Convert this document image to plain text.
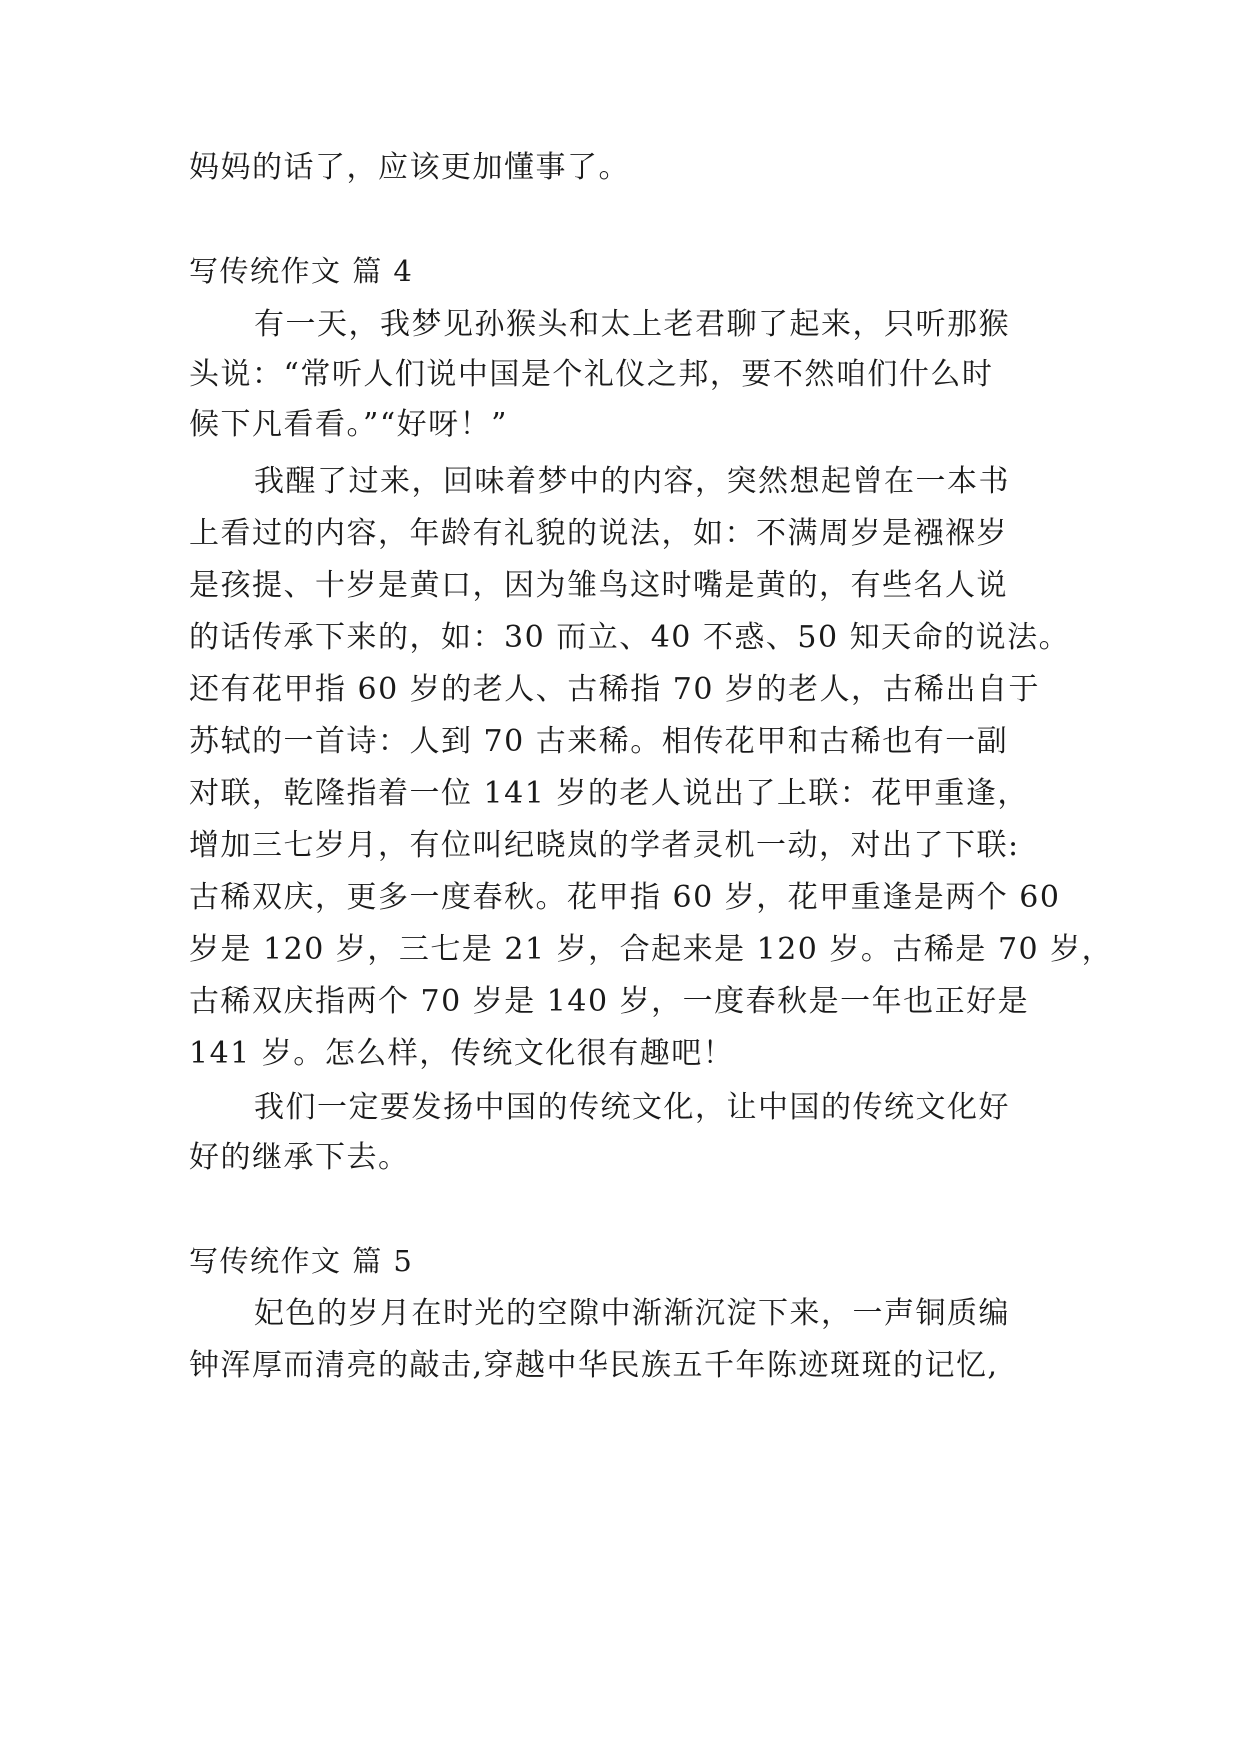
妈妈的话了，应该更加懂事了。
写传统作文 篇 4
有一天，我梦见孙猴头和太上老君聊了起来，只听那猴
头说：“常听人们说中国是个礼仪之邦，要不然咱们什么时
候下凡看看。”“好呀！”
我醒了过来，回味着梦中的内容，突然想起曾在一本书
上看过的内容，年龄有礼貌的说法，如：不满周岁是襁褓岁
是孩提、十岁是黄口，因为雏鸟这时嘴是黄的，有些名人说
的话传承下来的，如：30 而立、40 不惑、50 知天命的说法。
还有花甲指 60 岁的老人、古稀指 70 岁的老人，古稀出自于
苏轼的一首诗：人到 70 古来稀。相传花甲和古稀也有一副
对联，乾隆指着一位 141 岁的老人说出了上联：花甲重逢，
增加三七岁月，有位叫纪晓岚的学者灵机一动，对出了下联:
古稀双庆，更多一度春秋。花甲指 60 岁，花甲重逢是两个 60
岁是 120 岁，三七是 21 岁，合起来是 120 岁。古稀是 70 岁，
古稀双庆指两个 70 岁是 140 岁，一度春秋是一年也正好是
141 岁。怎么样，传统文化很有趣吧！
我们一定要发扬中国的传统文化，让中国的传统文化好
好的继承下去。
写传统作文 篇 5
妃色的岁月在时光的空隙中渐渐沉淀下来，一声铜质编
钟浑厚而清亮的敲击,穿越中华民族五千年陈迹斑斑的记忆,
